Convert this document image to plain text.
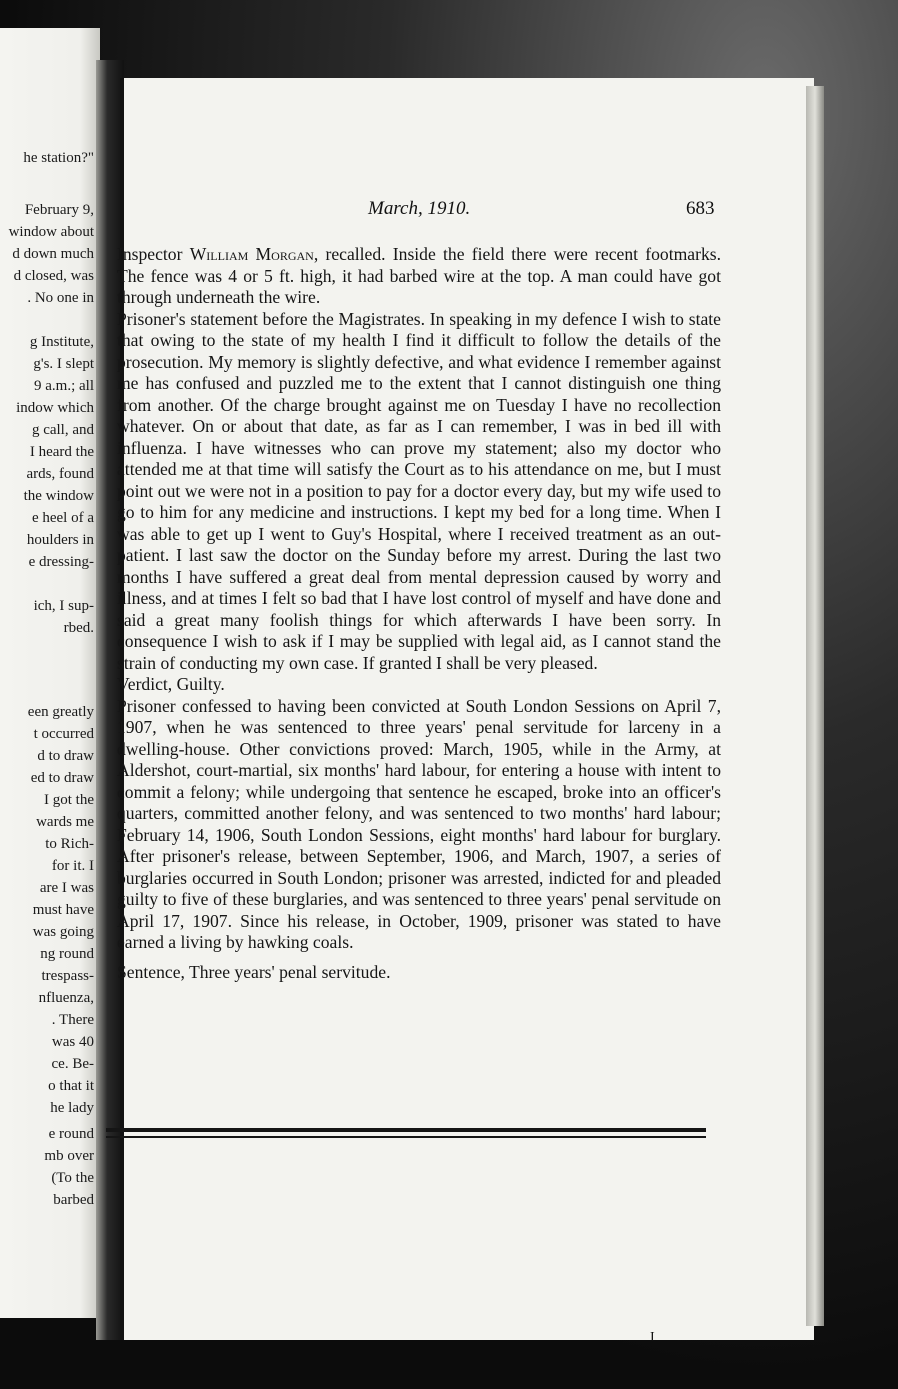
he station?"
February 9,
window about
d down much
d closed, was
. No one in
g Institute,
g's. I slept
9 a.m.; all
indow which
g call, and
I heard the
ards, found
the window
e heel of a
houlders in
e dressing-
ich, I sup-
rbed.
een greatly
t occurred
d to draw
ed to draw
I got the
wards me
to Rich-
for it. I
are I was
must have
was going
ng round
trespass-
nfluenza,
. There
was 40
ce. Be-
o that it
he lady
e round
mb over
(To the
barbed
March, 1910.	683

Inspector William Morgan, recalled. Inside the field there were recent footmarks. The fence was 4 or 5 ft. high, it had barbed wire at the top. A man could have got through underneath the wire.

Prisoner's statement before the Magistrates. In speaking in my defence I wish to state that owing to the state of my health I find it difficult to follow the details of the prosecution. My memory is slightly defective, and what evidence I remember against me has confused and puzzled me to the extent that I cannot distinguish one thing from another. Of the charge brought against me on Tuesday I have no recollection whatever. On or about that date, as far as I can remember, I was in bed ill with influenza. I have witnesses who can prove my statement; also my doctor who attended me at that time will satisfy the Court as to his attendance on me, but I must point out we were not in a position to pay for a doctor every day, but my wife used to go to him for any medicine and instructions. I kept my bed for a long time. When I was able to get up I went to Guy's Hospital, where I received treatment as an out-patient. I last saw the doctor on the Sunday before my arrest. During the last two months I have suffered a great deal from mental depression caused by worry and illness, and at times I felt so bad that I have lost control of myself and have done and said a great many foolish things for which afterwards I have been sorry. In consequence I wish to ask if I may be supplied with legal aid, as I cannot stand the strain of conducting my own case. If granted I shall be very pleased.

Verdict, Guilty.

Prisoner confessed to having been convicted at South London Sessions on April 7, 1907, when he was sentenced to three years' penal servitude for larceny in a dwelling-house. Other convictions proved: March, 1905, while in the Army, at Aldershot, court-martial, six months' hard labour, for entering a house with intent to commit a felony; while undergoing that sentence he escaped, broke into an officer's quarters, committed another felony, and was sentenced to two months' hard labour; February 14, 1906, South London Sessions, eight months' hard labour for burglary. After prisoner's release, between September, 1906, and March, 1907, a series of burglaries occurred in South London; prisoner was arrested, indicted for and pleaded guilty to five of these burglaries, and was sentenced to three years' penal servitude on April 17, 1907. Since his release, in October, 1909, prisoner was stated to have earned a living by hawking coals.

Sentence, Three years' penal servitude.

I
